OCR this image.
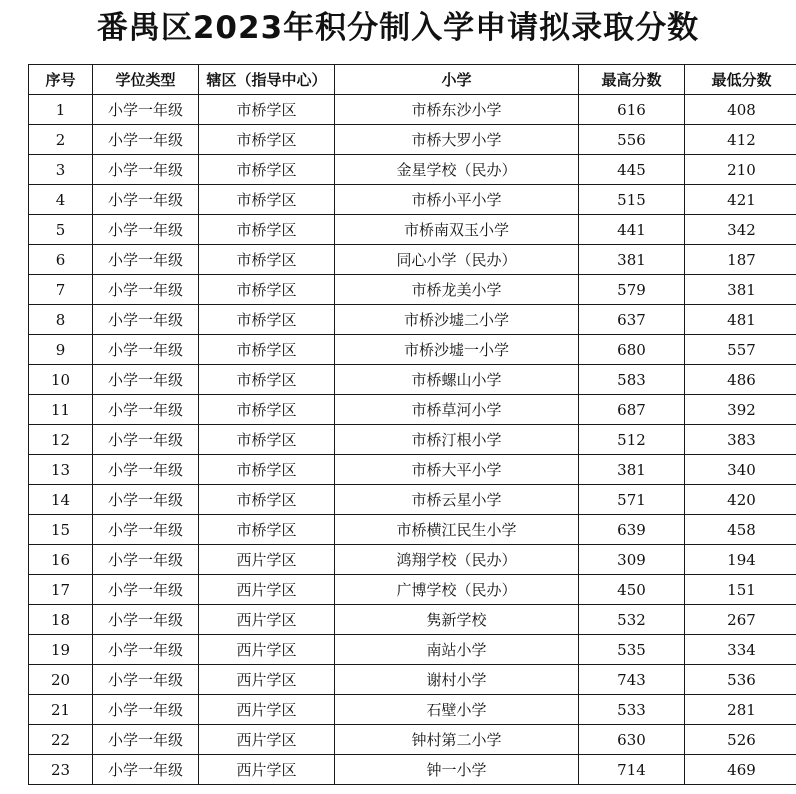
番禺区2023年积分制入学申请拟录取分数
序号	学位类型	辖区（指导中心）	小学	最高分数	最低分数
1	小学一年级	市桥学区	市桥东沙小学	616	408
2	小学一年级	市桥学区	市桥大罗小学	556	412
3	小学一年级	市桥学区	金星学校（民办）	445	210
4	小学一年级	市桥学区	市桥小平小学	515	421
5	小学一年级	市桥学区	市桥南双玉小学	441	342
6	小学一年级	市桥学区	同心小学（民办）	381	187
7	小学一年级	市桥学区	市桥龙美小学	579	381
8	小学一年级	市桥学区	市桥沙墟二小学	637	481
9	小学一年级	市桥学区	市桥沙墟一小学	680	557
10	小学一年级	市桥学区	市桥螺山小学	583	486
11	小学一年级	市桥学区	市桥草河小学	687	392
12	小学一年级	市桥学区	市桥汀根小学	512	383
13	小学一年级	市桥学区	市桥大平小学	381	340
14	小学一年级	市桥学区	市桥云星小学	571	420
15	小学一年级	市桥学区	市桥横江民生小学	639	458
16	小学一年级	西片学区	鸿翔学校（民办）	309	194
17	小学一年级	西片学区	广博学校（民办）	450	151
18	小学一年级	西片学区	隽新学校	532	267
19	小学一年级	西片学区	南站小学	535	334
20	小学一年级	西片学区	谢村小学	743	536
21	小学一年级	西片学区	石壁小学	533	281
22	小学一年级	西片学区	钟村第二小学	630	526
23	小学一年级	西片学区	钟一小学	714	469
